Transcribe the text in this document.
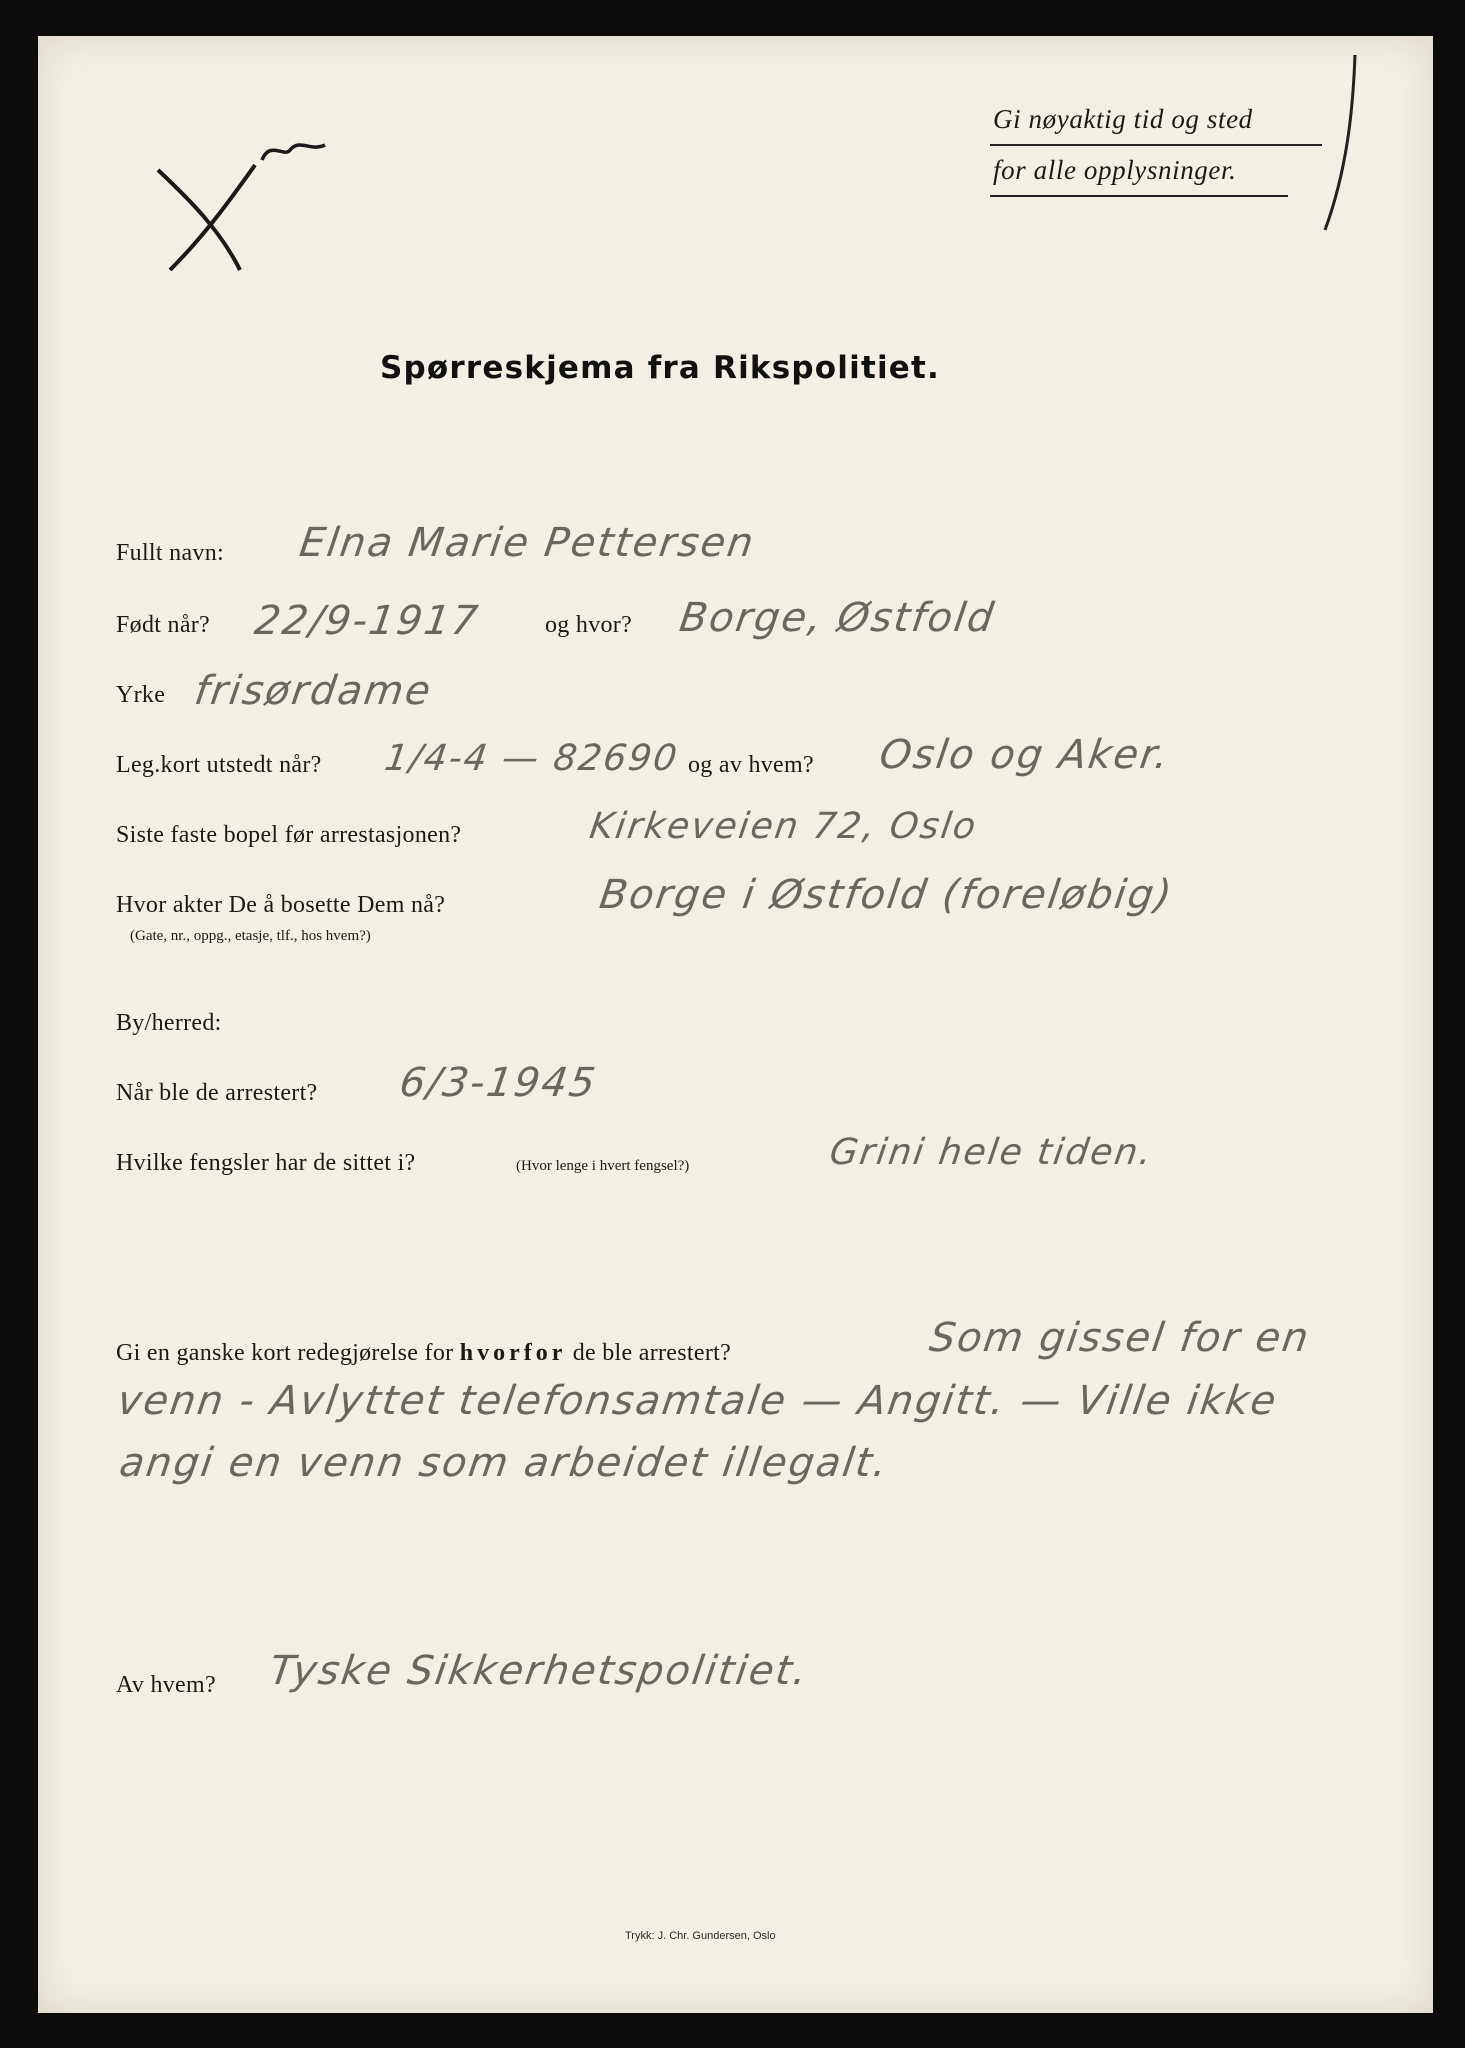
Gi nøyaktig tid og sted
for alle opplysninger.
Spørreskjema fra Rikspolitiet.
Fullt navn: Elna Marie Pettersen
Født når? 22/9-1917	og hvor? Borge, Østfold
Yrke frisørdame
Leg.kort utstedt når? 1/4-4 — 82690 og av hvem? Oslo og Aker.
Siste faste bopel før arrestasjonen?	Kirkeveien 72, Oslo
Hvor akter De å bosette Dem nå?
(Gate, nr., oppg., etasje, tlf., hos hvem?)
Borge i Østfold (foreløbig)
By/herred:
Når ble de arrestert? 6/3-1945
Hvilke fengsler har de sittet i?	(Hvor lenge i hvert fengsel?)	Grini hele tiden.
Gi en ganske kort redegjørelse for hvorfor de ble arrestert?	Som gissel for en
venn - Avlyttet telefonsamtale — Angitt. — Ville ikke
angi en venn som arbeidet illegalt.
Av hvem? Tyske Sikkerhetspolitiet.
Trykk: J. Chr. Gundersen, Oslo
